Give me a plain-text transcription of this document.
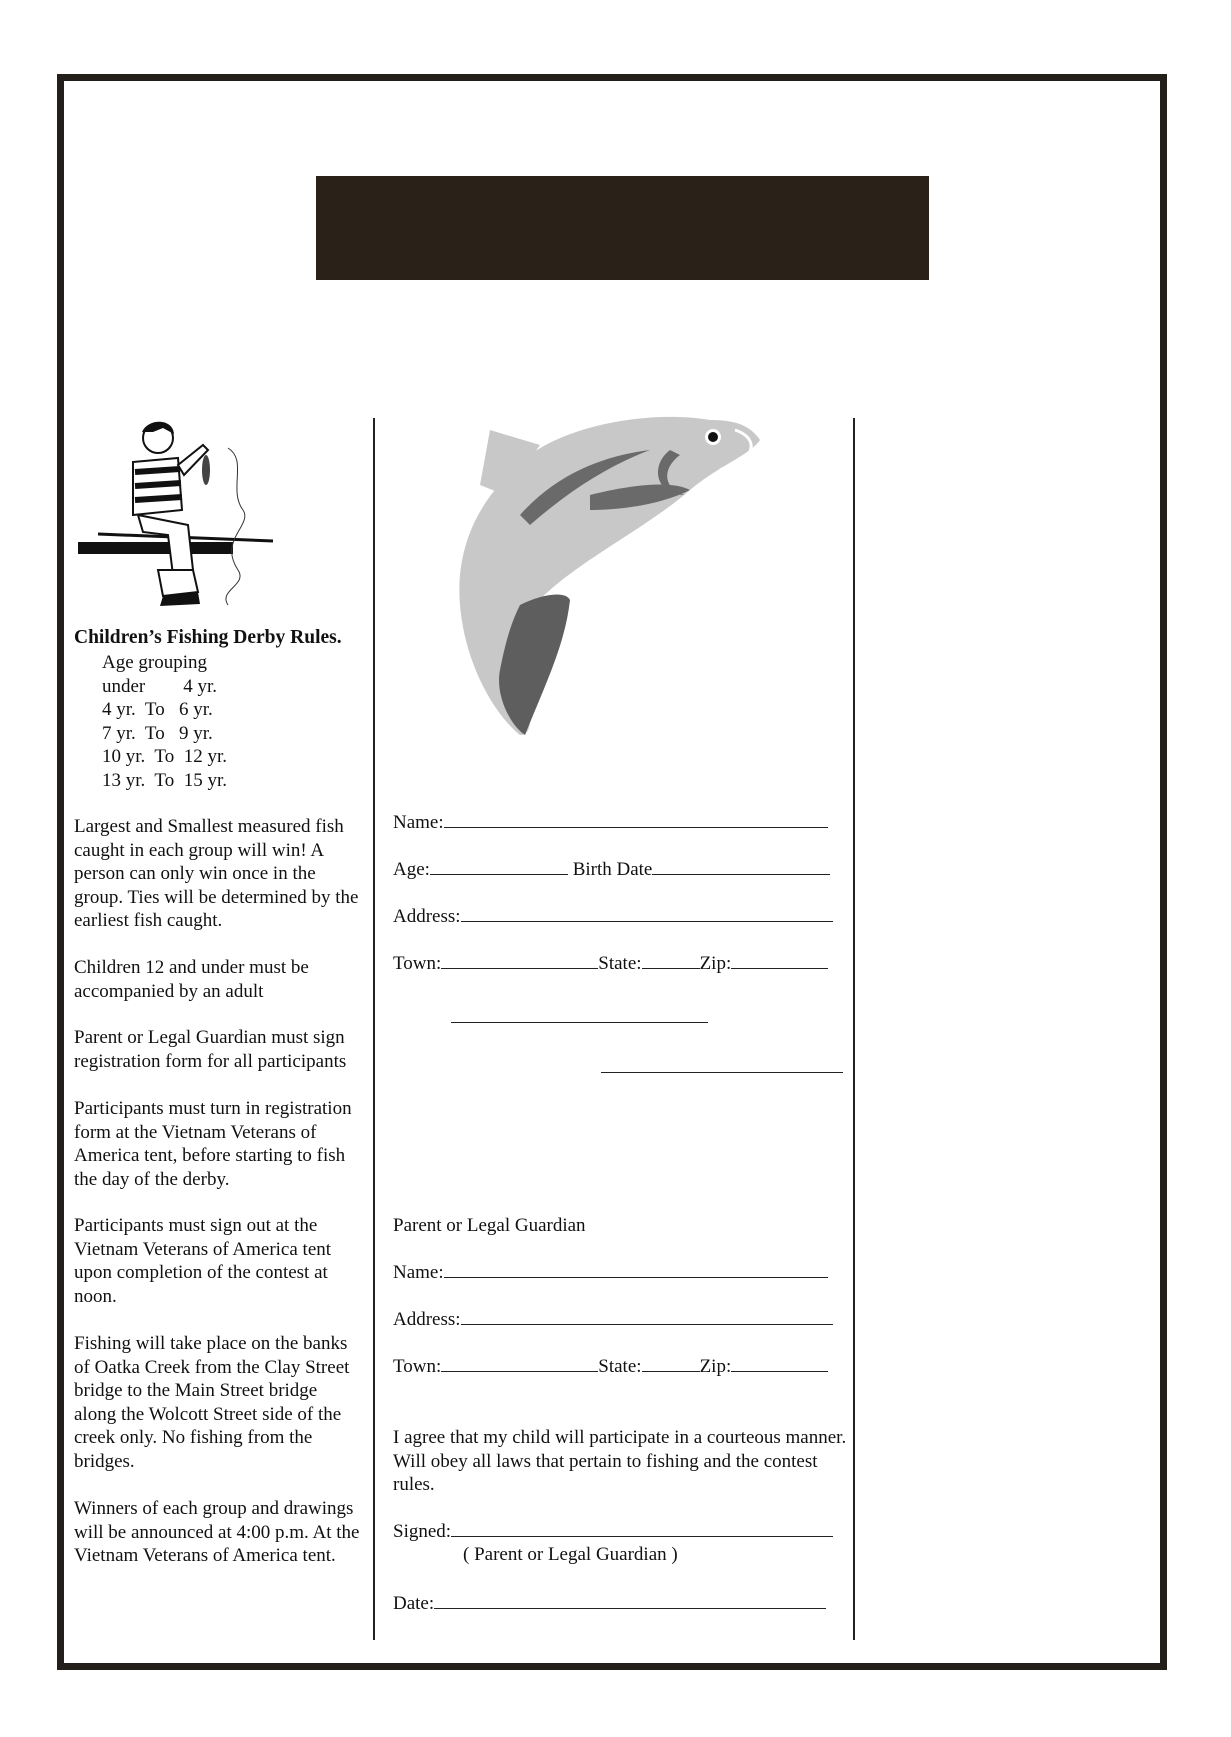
Children’s Fishing Derby Rules.
Age grouping
under        4 yr.
4 yr.  To   6 yr.
7 yr.  To   9 yr.
10 yr.  To  12 yr.
13 yr.  To  15 yr.
Largest and Smallest measured fish caught in each group will win! A person can only win once in the group. Ties will be determined by the earliest fish caught.
Children 12 and under must be accompanied by an adult
Parent or Legal Guardian must sign registration form for all participants
Participants must turn in registration form at the Vietnam Veterans of America tent, before starting to fish the day of the derby.
Participants must sign out at the Vietnam Veterans of America tent upon completion of the contest at noon.
Fishing will take place on the banks of Oatka Creek from the Clay Street bridge to the Main Street bridge along the Wolcott Street side of the creek only. No fishing from the bridges.
Winners of each group and drawings will be announced at 4:00 p.m. At the Vietnam Veterans of America tent.
Name:
Age:	Birth Date
Address:
Town:	State:	Zip:
Parent or Legal Guardian
Name:
Address:
Town:	State:	Zip:
I agree that my child will participate in a courteous manner. Will obey all laws that pertain to fishing and the contest rules.
Signed:
( Parent or Legal Guardian )
Date:
